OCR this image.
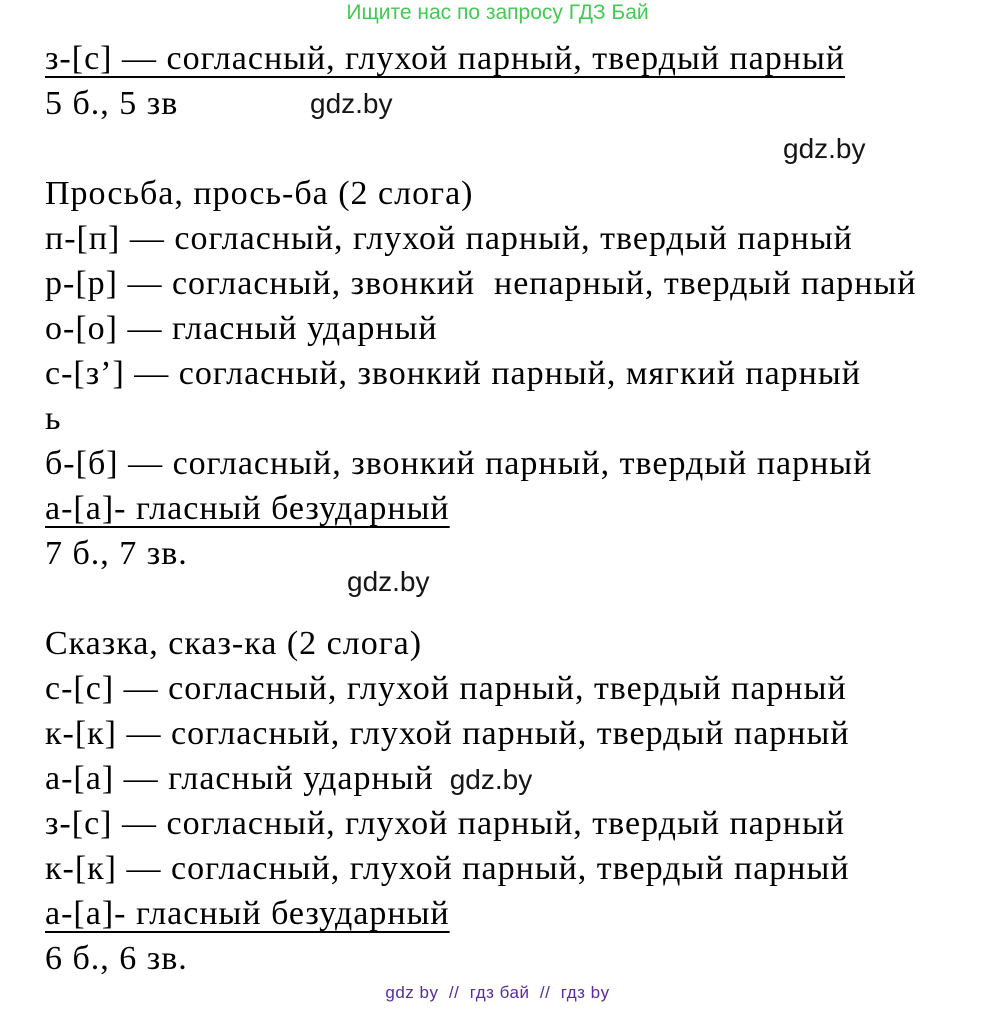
Ищите нас по запросу ГДЗ Бай
з-[с] — согласный, глухой парный, твердый парный
5 б., 5 зв	gdz.by
gdz.by
Просьба, прось-ба (2 слога)
п-[п] — согласный, глухой парный, твердый парный
р-[р] — согласный, звонкий  непарный, твердый парный
о-[о] — гласный ударный
с-[з’] — согласный, звонкий парный, мягкий парный
ь
б-[б] — согласный, звонкий парный, твердый парный
а-[а]- гласный безударный
7 б., 7 зв.
gdz.by
Сказка, сказ-ка (2 слога)
с-[с] — согласный, глухой парный, твердый парный
к-[к] — согласный, глухой парный, твердый парный
а-[а] — гласный ударный gdz.by
з-[с] — согласный, глухой парный, твердый парный
к-[к] — согласный, глухой парный, твердый парный
а-[а]- гласный безударный
6 б., 6 зв.
gdz by  //  гдз бай  //  гдз by
